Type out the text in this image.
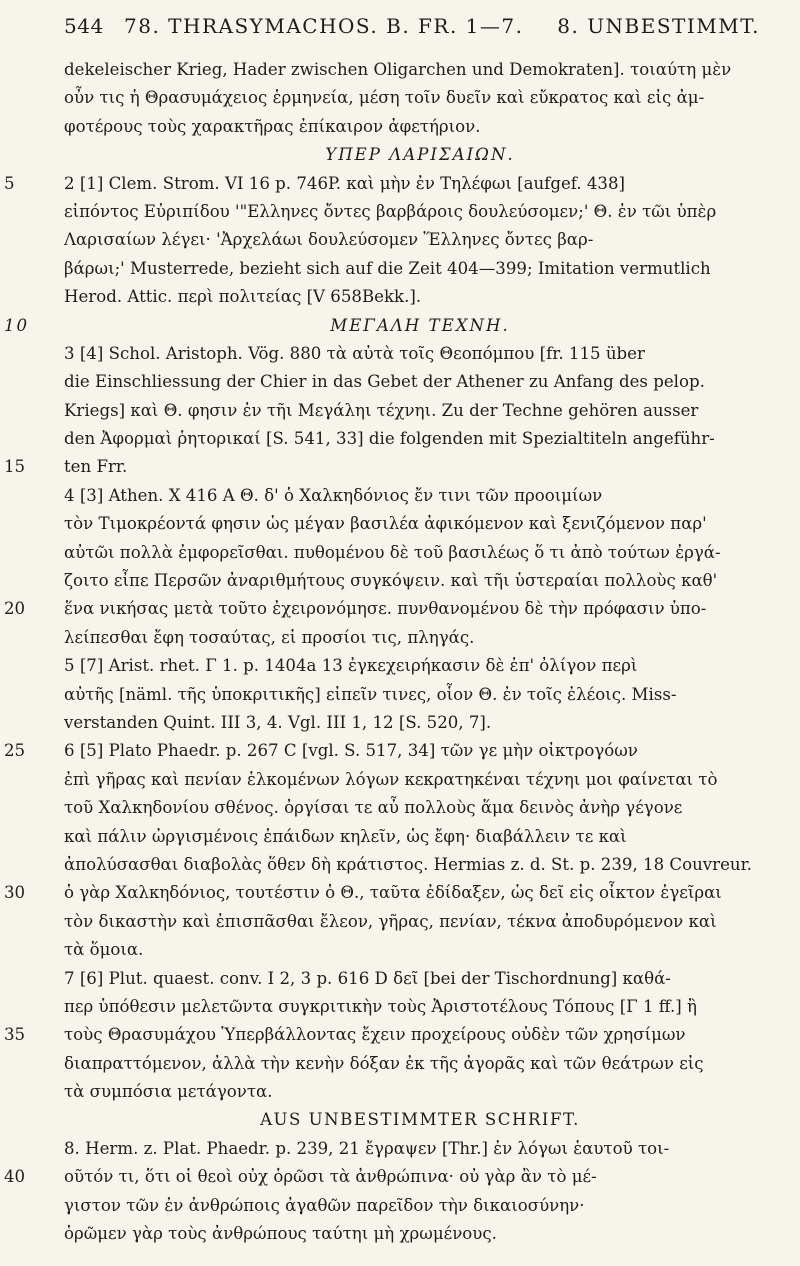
544 78. THRASYMACHOS. B. FR. 1—7. 8. UNBESTIMMT.
dekeleischer Krieg, Hader zwischen Oligarchen und Demokraten]. τοιαύτη μὲν
οὖν τις ἡ Θρασυμάχειος ἑρμηνεία, μέση τοῖν δυεῖν καὶ εὔκρατος καὶ εἰς ἀμ-
φοτέρους τοὺς χαρακτῆρας ἐπίκαιρον ἀφετήριον.
ΥΠΕΡ ΛΑΡΙΣΑΙΩΝ.
5	2 [1] Clem. Strom. VI 16 p. 746P. καὶ μὴν ἐν Τηλέφωι [aufgef. 438]
εἰπόντος Εὐριπίδου '"Ελληνες ὄντες βαρβάροις δουλεύσομεν;' Θ. ἐν τῶι ὑπὲρ
Λαρισαίων λέγει· 'Ἀρχελάωι δουλεύσομεν Ἕλληνες ὄντες βαρ-
βάρωι;' Musterrede, bezieht sich auf die Zeit 404—399; Imitation vermutlich
Herod. Attic. περὶ πολιτείας [V 658Bekk.].
10	ΜΕΓΑΛΗ ΤΕΧΝΗ.
3 [4] Schol. Aristoph. Vög. 880 τὰ αὐτὰ τοῖς Θεοπόμπου [fr. 115 über
die Einschliessung der Chier in das Gebet der Athener zu Anfang des pelop.
Kriegs] καὶ Θ. φησιν ἐν τῆι Μεγάληι τέχνηι. Zu der Techne gehören ausser
den Ἀφορμαὶ ῥητορικαί [S. 541, 33] die folgenden mit Spezialtiteln angeführ-
15	ten Frr.
4 [3] Athen. X 416 A Θ. δ' ὁ Χαλκηδόνιος ἔν τινι τῶν προοιμίων
τὸν Τιμοκρέοντά φησιν ὡς μέγαν βασιλέα ἀφικόμενον καὶ ξενιζόμενον παρ'
αὐτῶι πολλὰ ἐμφορεῖσθαι. πυθομένου δὲ τοῦ βασιλέως ὅ τι ἀπὸ τούτων ἐργά-
ζοιτο εἶπε Περσῶν ἀναριθμήτους συγκόψειν. καὶ τῆι ὑστεραίαι πολλοὺς καθ'
20	ἕνα νικήσας μετὰ τοῦτο ἐχειρονόμησε. πυνθανομένου δὲ τὴν πρόφασιν ὑπο-
λείπεσθαι ἔφη τοσαύτας, εἰ προσίοι τις, πληγάς.
5 [7] Arist. rhet. Γ 1. p. 1404a 13 ἐγκεχειρήκασιν δὲ ἐπ' ὀλίγον περὶ
αὐτῆς [näml. τῆς ὑποκριτικῆς] εἰπεῖν τινες, οἷον Θ. ἐν τοῖς ἐλέοις. Miss-
verstanden Quint. III 3, 4. Vgl. III 1, 12 [S. 520, 7].
25	6 [5] Plato Phaedr. p. 267 C [vgl. S. 517, 34] τῶν γε μὴν οἰκτρογόων
ἐπὶ γῆρας καὶ πενίαν ἑλκομένων λόγων κεκρατηκέναι τέχνηι μοι φαίνεται τὸ
τοῦ Χαλκηδονίου σθένος. ὀργίσαι τε αὖ πολλοὺς ἅμα δεινὸς ἀνὴρ γέγονε
καὶ πάλιν ὠργισμένοις ἐπάιδων κηλεῖν, ὡς ἔφη· διαβάλλειν τε καὶ
ἀπολύσασθαι διαβολὰς ὅθεν δὴ κράτιστος. Hermias z. d. St. p. 239, 18 Couvreur.
30	ὁ γὰρ Χαλκηδόνιος, τουτέστιν ὁ Θ., ταῦτα ἐδίδαξεν, ὡς δεῖ εἰς οἶκτον ἐγεῖραι
τὸν δικαστὴν καὶ ἐπισπᾶσθαι ἔλεον, γῆρας, πενίαν, τέκνα ἀποδυρόμενον καὶ
τὰ ὅμοια.
7 [6] Plut. quaest. conv. I 2, 3 p. 616 D δεῖ [bei der Tischordnung] καθά-
περ ὑπόθεσιν μελετῶντα συγκριτικὴν τοὺς Ἀριστοτέλους Τόπους [Γ 1 ff.] ἢ
35	τοὺς Θρασυμάχου Ὑπερβάλλοντας ἔχειν προχείρους οὐδὲν τῶν χρησίμων
διαπραττόμενον, ἀλλὰ τὴν κενὴν δόξαν ἐκ τῆς ἀγορᾶς καὶ τῶν θεάτρων εἰς
τὰ συμπόσια μετάγοντα.
AUS UNBESTIMMTER SCHRIFT.
8. Herm. z. Plat. Phaedr. p. 239, 21 ἔγραψεν [Thr.] ἐν λόγωι ἑαυτοῦ τοι-
40	οῦτόν τι, ὅτι οἱ θεοὶ οὐχ ὁρῶσι τὰ ἀνθρώπινα· οὐ γὰρ ἂν τὸ μέ-
γιστον τῶν ἐν ἀνθρώποις ἀγαθῶν παρεῖδον τὴν δικαιοσύνην·
ὁρῶμεν γὰρ τοὺς ἀνθρώπους ταύτηι μὴ χρωμένους.
